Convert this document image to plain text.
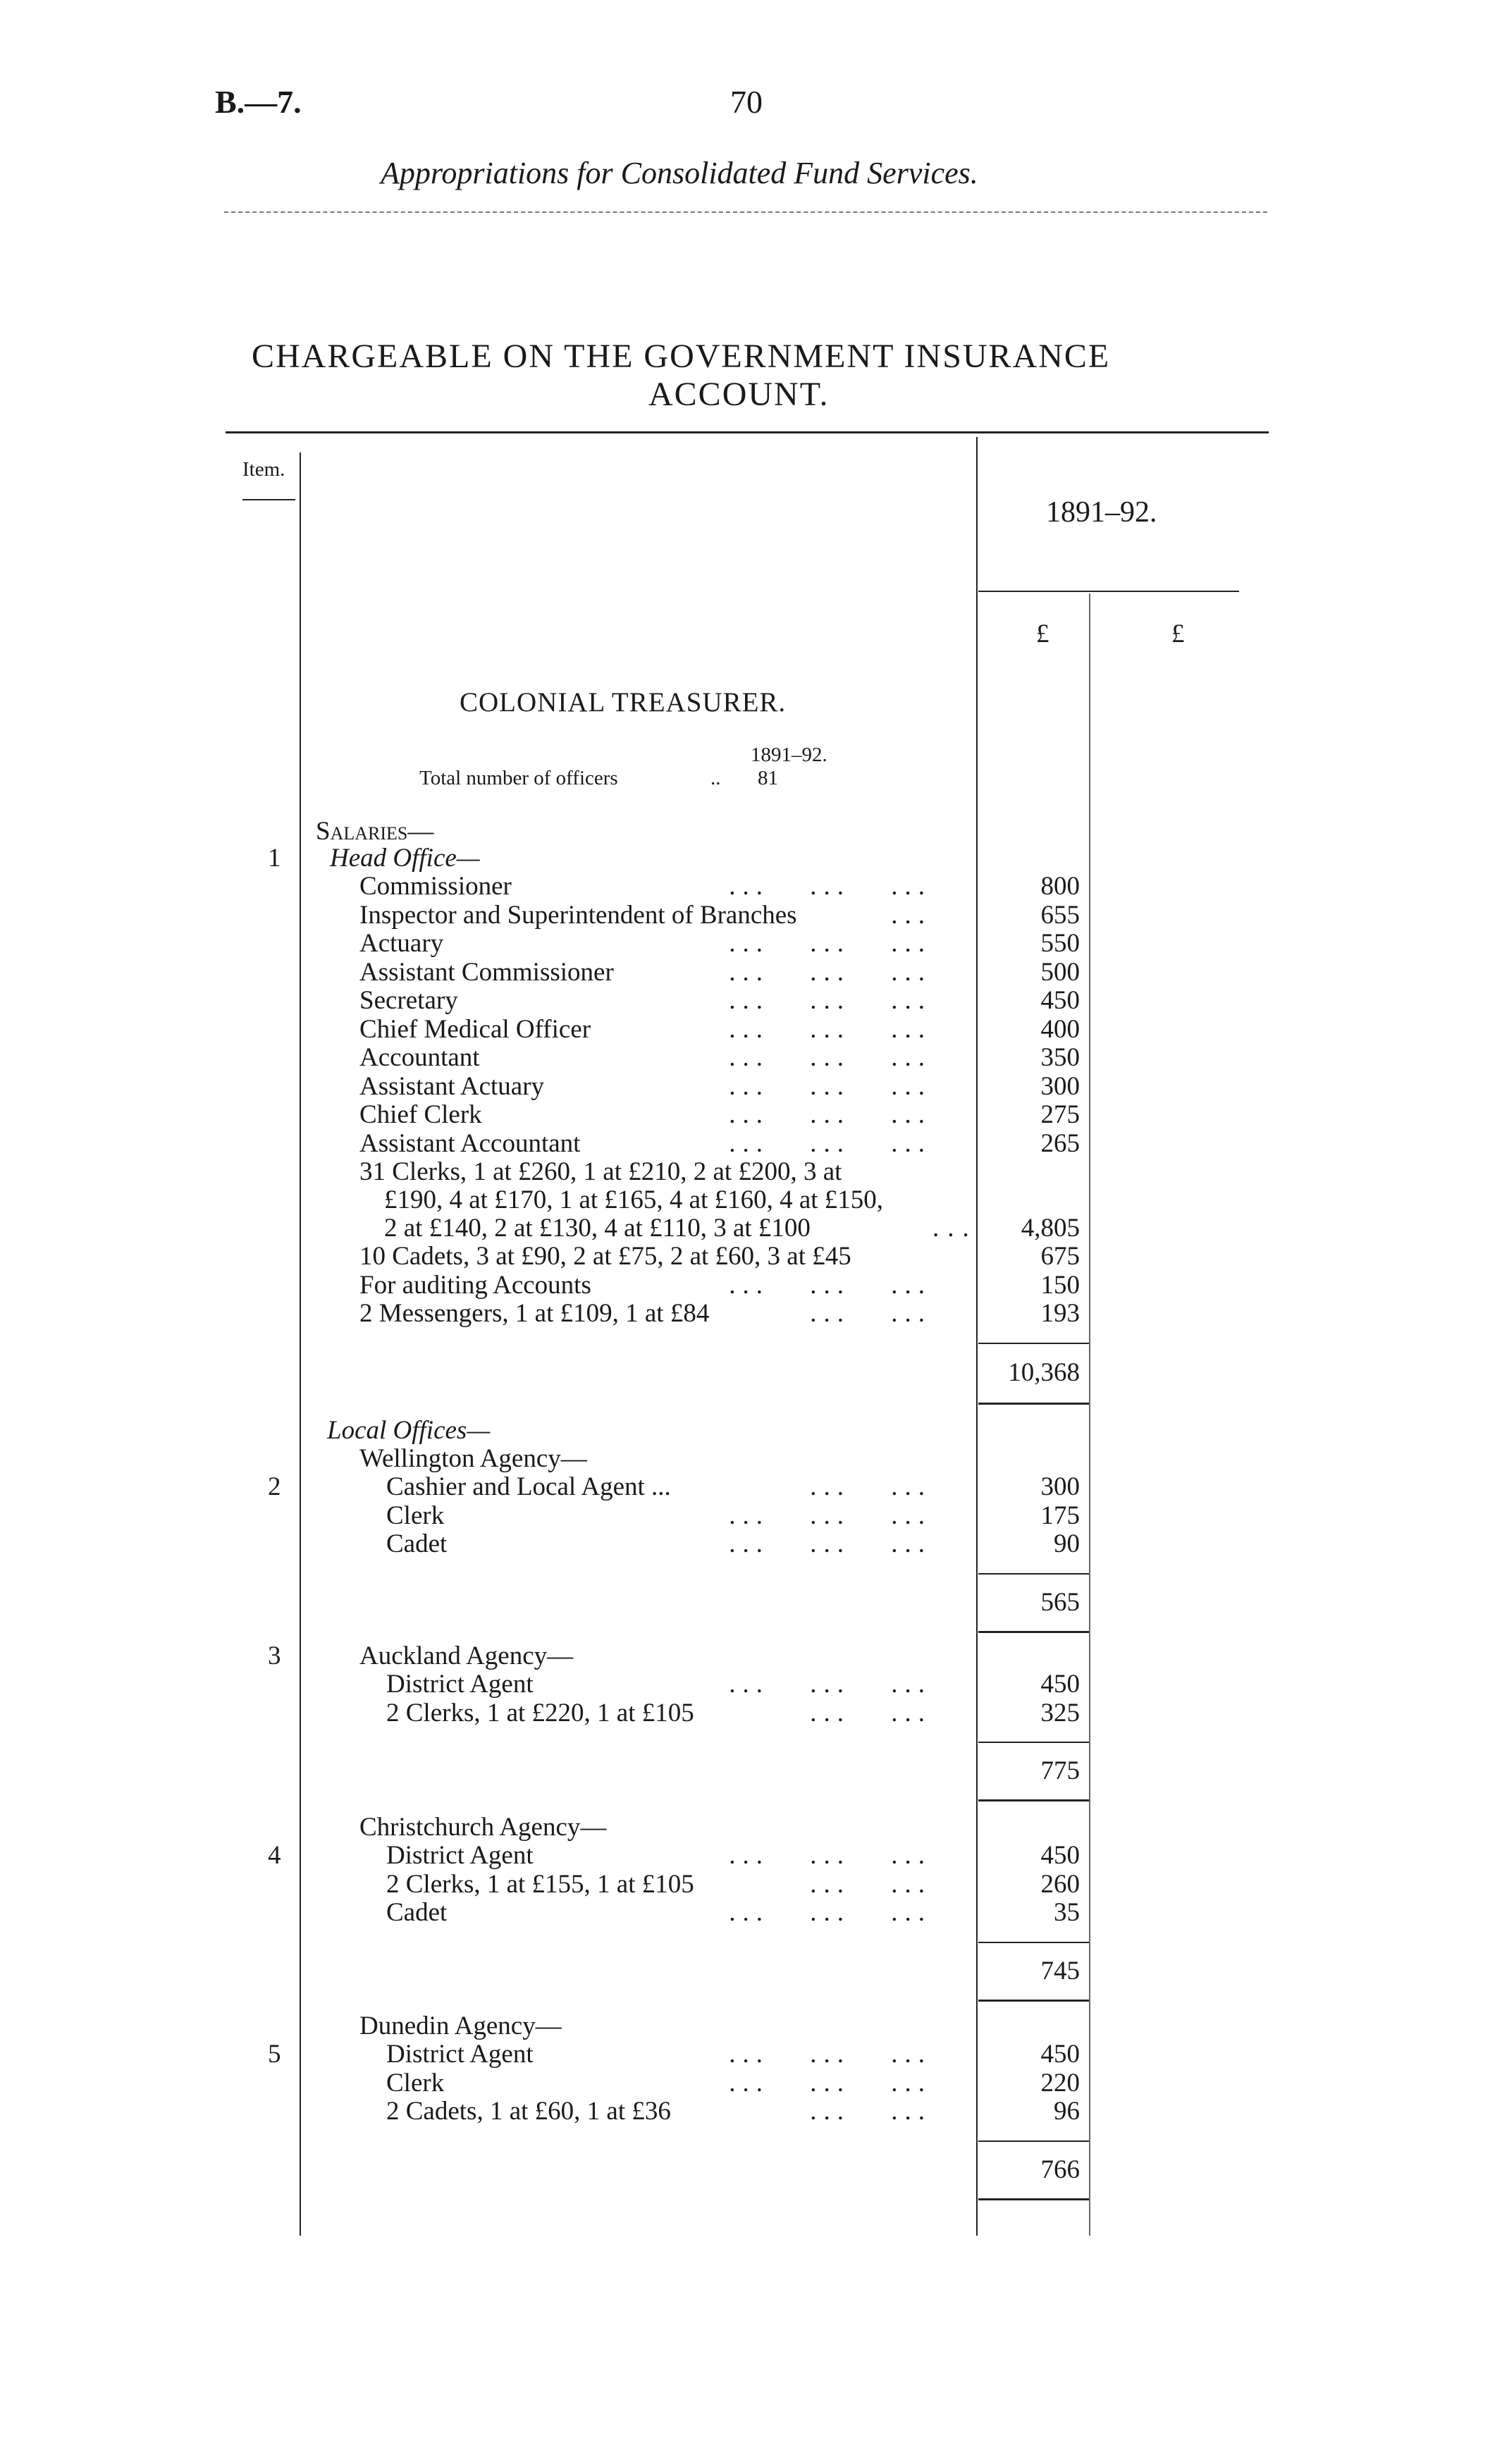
B.—7.	70
Appropriations for Consolidated Fund Services.
CHARGEABLE ON THE GOVERNMENT INSURANCE
ACCOUNT.
Item.
1891–92.
£	£
COLONIAL TREASURER.
1891–92.
Total number of officers	.. 81
Salaries—
1 Head Office—
Commissioner	... ... ...	800
Inspector and Superintendent of Branches	...	655
Actuary	... ... ...	550
Assistant Commissioner	... ... ...	500
Secretary	... ... ...	450
Chief Medical Officer	... ... ...	400
Accountant	... ... ...	350
Assistant Actuary	... ... ...	300
Chief Clerk	... ... ...	275
Assistant Accountant	... ... ...	265
31 Clerks, 1 at £260, 1 at £210, 2 at £200, 3 at
£190, 4 at £170, 1 at £165, 4 at £160, 4 at £150,
2 at £140, 2 at £130, 4 at £110, 3 at £100	...	4,805
10 Cadets, 3 at £90, 2 at £75, 2 at £60, 3 at £45	675
For auditing Accounts	... ... ...	150
2 Messengers, 1 at £109, 1 at £84	... ...	193
10,368
Local Offices—
2
Wellington Agency—
Cashier and Local Agent ...	... ...	300
Clerk	... ... ...	175
Cadet	... ... ...	90
565
3	Auckland Agency—
District Agent	... ... ...	450
2 Clerks, 1 at £220, 1 at £105	... ...	325
775
4
Christchurch Agency—
District Agent	... ... ...	450
2 Clerks, 1 at £155, 1 at £105	... ...	260
Cadet	... ... ...	35
745
5
Dunedin Agency—
District Agent	... ... ...	450
Clerk	... ... ...	220
2 Cadets, 1 at £60, 1 at £36	... ...	96
766
